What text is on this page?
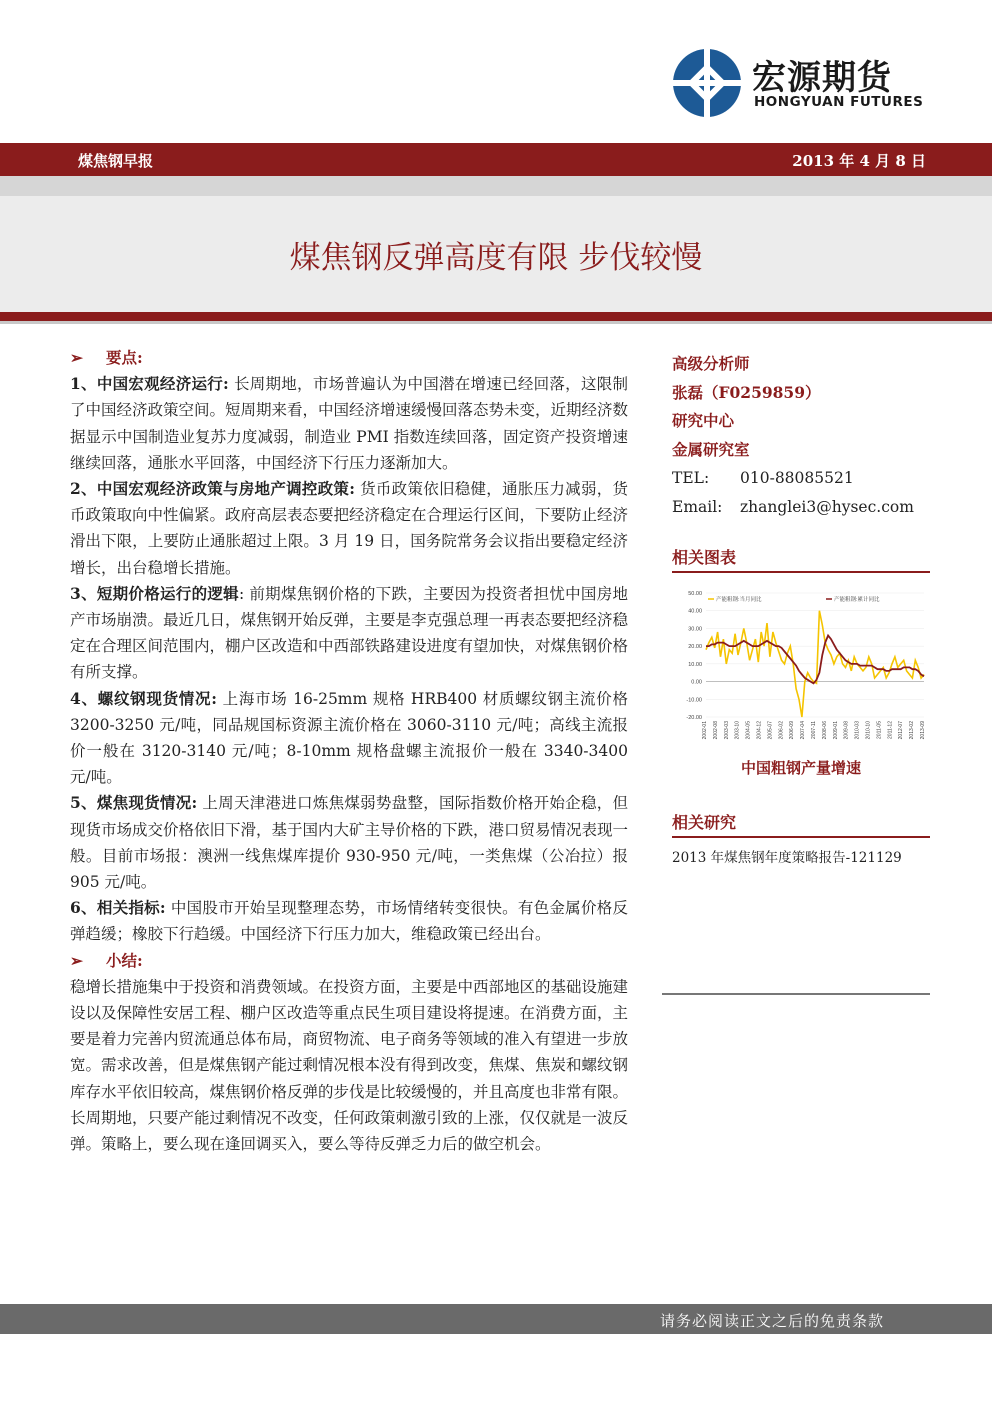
宏源期货
HONGYUAN FUTURES
煤焦钢早报	2013 年 4 月 8 日
煤焦钢反弹高度有限 步伐较慢

➢ 要点:

1、中国宏观经济运行: 长周期地，市场普遍认为中国潜在增速已经回落，这限制了中国经济政策空间。短周期来看，中国经济增速缓慢回落态势未变，近期经济数据显示中国制造业复苏力度减弱，制造业 PMI 指数连续回落，固定资产投资增速继续回落，通胀水平回落，中国经济下行压力逐渐加大。

2、中国宏观经济政策与房地产调控政策: 货币政策依旧稳健，通胀压力减弱，货币政策取向中性偏紧。政府高层表态要把经济稳定在合理运行区间，下要防止经济滑出下限，上要防止通胀超过上限。3 月 19 日，国务院常务会议指出要稳定经济增长，出台稳增长措施。

3、短期价格运行的逻辑: 前期煤焦钢价格的下跌，主要因为投资者担忧中国房地产市场崩溃。最近几日，煤焦钢开始反弹，主要是李克强总理一再表态要把经济稳定在合理区间范围内，棚户区改造和中西部铁路建设进度有望加快，对煤焦钢价格有所支撑。

4、螺纹钢现货情况: 上海市场 16-25mm 规格 HRB400 材质螺纹钢主流价格 3200-3250 元/吨，同品规国标资源主流价格在 3060-3110 元/吨；高线主流报价一般在 3120-3140 元/吨；8-10mm 规格盘螺主流报价一般在 3340-3400 元/吨。

5、煤焦现货情况: 上周天津港进口炼焦煤弱势盘整，国际指数价格开始企稳，但现货市场成交价格依旧下滑，基于国内大矿主导价格的下跌，港口贸易情况表现一般。目前市场报：澳洲一线焦煤库提价 930-950 元/吨，一类焦煤（公冶拉）报 905 元/吨。

6、相关指标: 中国股市开始呈现整理态势，市场情绪转变很快。有色金属价格反弹趋缓；橡胶下行趋缓。中国经济下行压力加大，维稳政策已经出台。

➢ 小结:

稳增长措施集中于投资和消费领域。在投资方面，主要是中西部地区的基础设施建设以及保障性安居工程、棚户区改造等重点民生项目建设将提速。在消费方面，主要是着力完善内贸流通总体布局，商贸物流、电子商务等领域的准入有望进一步放宽。需求改善，但是煤焦钢产能过剩情况根本没有得到改变，焦煤、焦炭和螺纹钢库存水平依旧较高，煤焦钢价格反弹的步伐是比较缓慢的，并且高度也非常有限。长周期地，只要产能过剩情况不改变，任何政策刺激引致的上涨，仅仅就是一波反弹。策略上，要么现在逢回调买入，要么等待反弹乏力后的做空机会。

高级分析师
张磊（F0259859）
研究中心
金属研究室
TEL:	010-88085521
Email:	zhanglei3@hysec.com
相关图表
50.00
40.00
30.00
20.00
10.00
0.00
-10.00
-20.00
产能粗钢:当月同比	产能粗钢:累计同比
2002-01 2002-08 2003-03 2003-10 2004-05 2004-12 2005-07 2006-02 2006-09 2007-04 2007-11 2008-06 2009-01 2009-08 2010-03 2010-10 2011-05 2011-12 2012-07 2013-02 2013-09
中国粗钢产量增速
相关研究
2013 年煤焦钢年度策略报告-121129
请务必阅读正文之后的免责条款
